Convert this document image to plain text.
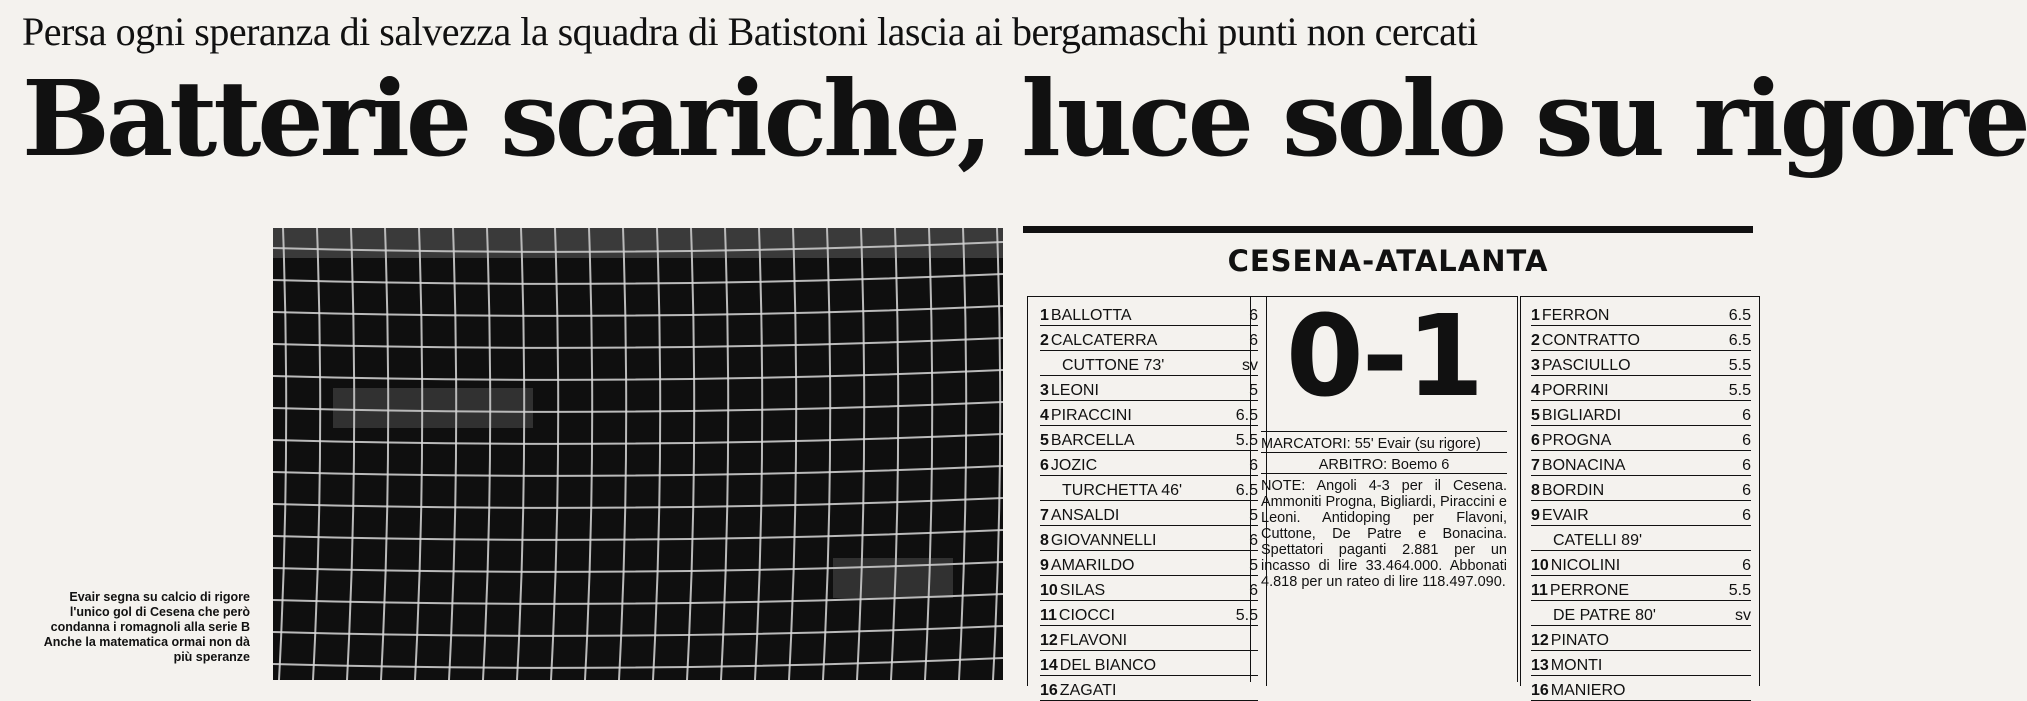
Persa ogni speranza di salvezza la squadra di Batistoni lascia ai bergamaschi punti non cercati
Batterie scariche, luce solo su rigore
Evair segna su calcio di rigore l'unico gol di Cesena che però condanna i romagnoli alla serie B Anche la matematica ormai non dà più speranze
CESENA-ATALANTA
1 BALLOTTA	6
2 CALCATERRA	6
CUTTONE 73'	sv
3 LEONI	5
4 PIRACCINI	6.5
5 BARCELLA	5.5
6 JOZIC	6
TURCHETTA 46'	6.5
7 ANSALDI	5
8 GIOVANNELLI	6
9 AMARILDO	5
10 SILAS	6
11 CIOCCI	5.5
12 FLAVONI
14 DEL BIANCO
16 ZAGATI
0-1
MARCATORI: 55' Evair (su rigore)
ARBITRO: Boemo 6
NOTE: Angoli 4-3 per il Cesena. Ammoniti Progna, Bigliardi, Piraccini e Leoni. Antidoping per Flavoni, Cuttone, De Patre e Bonacina. Spettatori paganti 2.881 per un incasso di lire 33.464.000. Abbonati 4.818 per un rateo di lire 118.497.090.
1 FERRON	6.5
2 CONTRATTO	6.5
3 PASCIULLO	5.5
4 PORRINI	5.5
5 BIGLIARDI	6
6 PROGNA	6
7 BONACINA	6
8 BORDIN	6
9 EVAIR	6
CATELLI 89'
10 NICOLINI	6
11 PERRONE	5.5
DE PATRE 80'	sv
12 PINATO
13 MONTI
16 MANIERO
